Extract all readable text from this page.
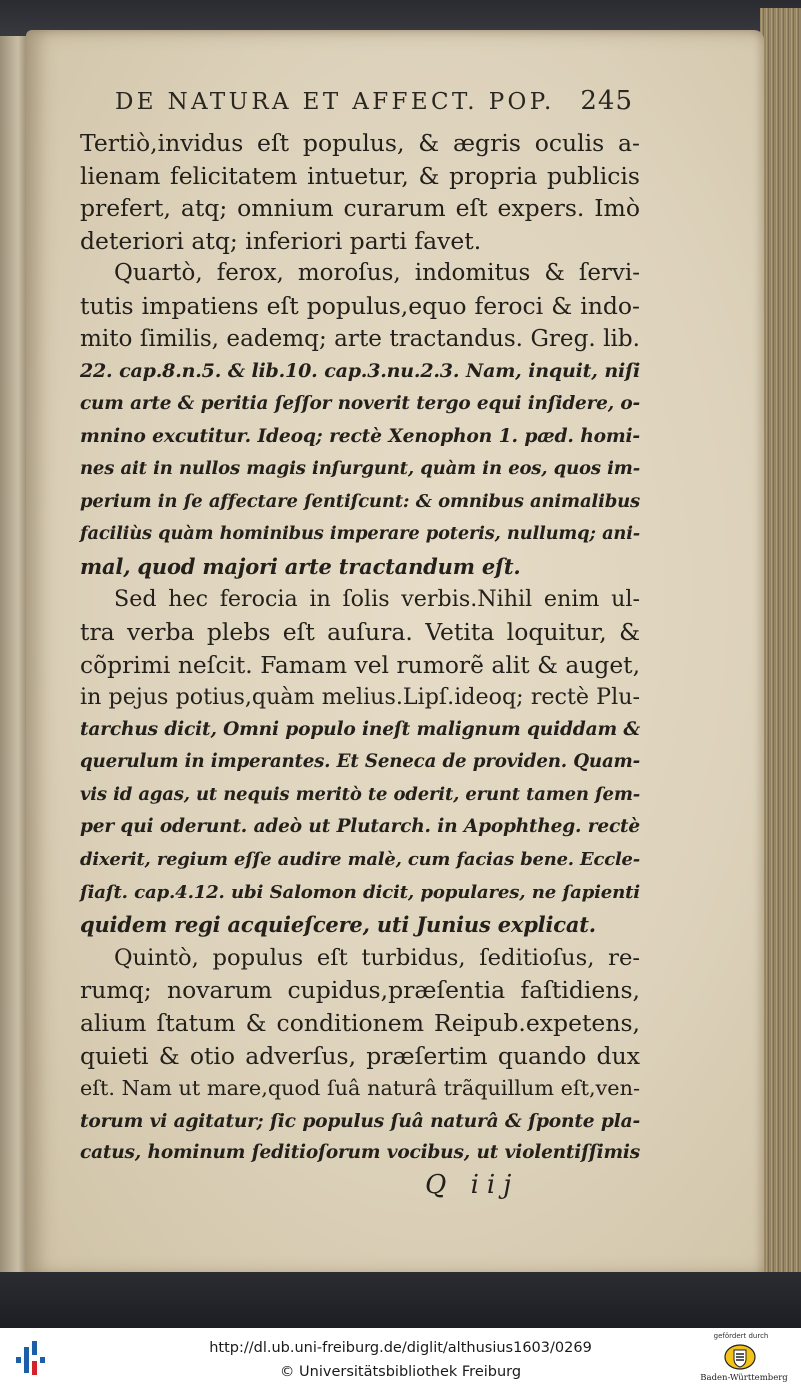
DE NATURA ET AFFECT. POP. 245
Tertiò,invidus eſt populus, & ægris oculis a-
lienam felicitatem intuetur, & propria publicis
prefert, atq; omnium curarum eſt expers. Imò
deteriori atq; inferiori parti favet.
Quartò, ferox, moroſus, indomitus & ſervi-
tutis impatiens eſt populus,equo feroci & indo-
mito ſimilis, eademq; arte tractandus. Greg. lib.
22. cap.8.n.5. & lib.10. cap.3.nu.2.3. Nam, inquit, niſi
cum arte & peritia ſeſſor noverit tergo equi inſidere, o-
mnino excutitur. Ideoq; rectè Xenophon 1. pæd. homi-
nes ait in nullos magis inſurgunt, quàm in eos, quos im-
perium in ſe affectare ſentiſcunt: & omnibus animalibus
faciliùs quàm hominibus imperare poteris, nullumq; ani-
mal, quod majori arte tractandum eſt.
Sed hec ferocia in ſolis verbis.Nihil enim ul-
tra verba plebs eſt auſura. Vetita loquitur, &
cõprimi neſcit. Famam vel rumorẽ alit & auget,
in pejus potius,quàm melius.Lipſ.ideoq; rectè Plu-
tarchus dicit, Omni populo ineſt malignum quiddam &
querulum in imperantes. Et Seneca de providen. Quam-
vis id agas, ut nequis meritò te oderit, erunt tamen ſem-
per qui oderunt. adeò ut Plutarch. in Apophtheg. rectè
dixerit, regium eſſe audire malè, cum facias bene. Eccle-
ſiaſt. cap.4.12. ubi Salomon dicit, populares, ne ſapienti
quidem regi acquieſcere, uti Junius explicat.
Quintò, populus eſt turbidus, ſeditioſus, re-
rumq; novarum cupidus,præſentia faſtidiens,
alium ſtatum & conditionem Reipub.expetens,
quieti & otio adverſus, præſertim quando dux
eſt. Nam ut mare,quod ſuâ naturâ trãquillum eſt,ven-
torum vi agitatur; ſic populus ſuâ naturâ & ſponte pla-
catus, hominum ſeditioſorum vocibus, ut violentiſſimis
Q iij
http://dl.ub.uni-freiburg.de/diglit/althusius1603/0269
© Universitätsbibliothek Freiburg
gefördert durch
Baden-Württemberg
